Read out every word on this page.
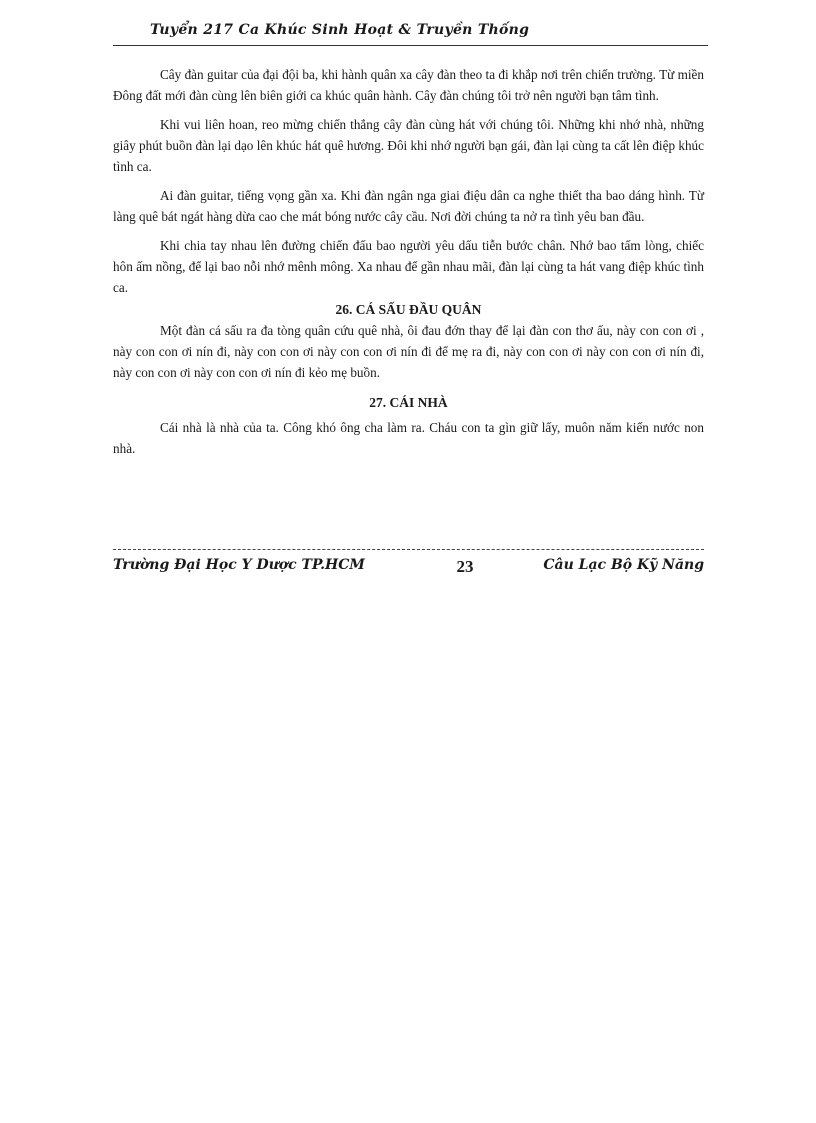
Tuyển 217 Ca Khúc Sinh Hoạt & Truyền Thống

Cây đàn guitar của đại đội ba, khi hành quân xa cây đàn theo ta đi khắp nơi trên chiến trường. Từ miền Đông đất mới đàn cùng lên biên giới ca khúc quân hành. Cây đàn chúng tôi trở nên người bạn tâm tình.

Khi vui liên hoan, reo mừng chiến thắng cây đàn cùng hát với chúng tôi. Những khi nhớ nhà, những giây phút buồn đàn lại dạo lên khúc hát quê hương. Đôi khi nhớ người bạn gái, đàn lại cùng ta cất lên điệp khúc tình ca.

Ai đàn guitar, tiếng vọng gần xa. Khi đàn ngân nga giai điệu dân ca nghe thiết tha bao dáng hình. Từ làng quê bát ngát hàng dừa cao che mát bóng nước cây cầu. Nơi đời chúng ta nở ra tình yêu ban đầu.

Khi chia tay nhau lên đường chiến đấu bao người yêu dấu tiễn bước chân. Nhớ bao tấm lòng, chiếc hôn ấm nồng, để lại bao nỗi nhớ mênh mông. Xa nhau để gần nhau mãi, đàn lại cùng ta hát vang điệp khúc tình ca.

26. CÁ SẤU ĐẦU QUÂN

Một đàn cá sấu ra đa tòng quân cứu quê nhà, ôi đau đớn thay để lại đàn con thơ ấu, này con con ơi , này con con ơi nín đi, này con con ơi này con con ơi nín đi để mẹ ra đi, này con con ơi này con con ơi nín đi, này con con ơi này con con ơi nín đi kẻo mẹ buồn.

27. CÁI NHÀ

Cái nhà là nhà của ta. Công khó ông cha làm ra. Cháu con ta gìn giữ lấy, muôn năm kiến nước non nhà.

Trường Đại Học Y Dược TP.HCM	23	Câu Lạc Bộ Kỹ Năng
